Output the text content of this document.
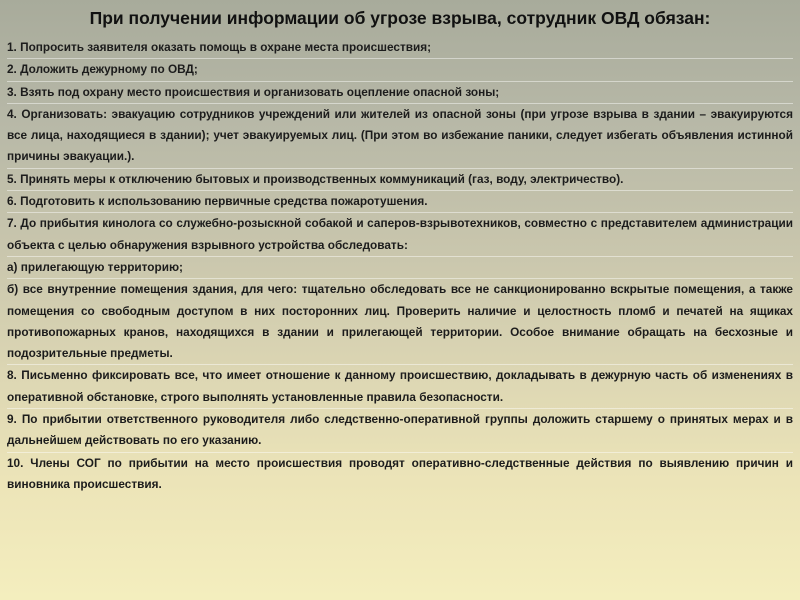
При получении информации об угрозе взрыва, сотрудник ОВД обязан:

1. Попросить заявителя оказать помощь в охране места происшествия;

2. Доложить дежурному по ОВД;

3. Взять под охрану место происшествия и организовать оцепление опасной зоны;

4. Организовать: эвакуацию сотрудников учреждений или жителей из опасной зоны (при угрозе взрыва в здании – эвакуируются все лица, находящиеся в здании); учет эвакуируемых лиц. (При этом во избежание паники, следует избегать объявления истинной причины эвакуации.).

5. Принять меры к отключению бытовых и производственных коммуникаций (газ, воду, электричество).

6. Подготовить к использованию первичные средства пожаротушения.

7. До прибытия кинолога со служебно-розыскной собакой и саперов-взрывотехников, совместно с представителем администрации объекта с целью обнаружения взрывного устройства обследовать:

а) прилегающую территорию;

б) все внутренние помещения здания, для чего: тщательно обследовать все не санкционированно вскрытые помещения, а также помещения со свободным доступом в них посторонних лиц. Проверить наличие и целостность пломб и печатей на ящиках противопожарных кранов, находящихся в здании и прилегающей территории. Особое внимание обращать на бесхозные и подозрительные предметы.

8. Письменно фиксировать все, что имеет отношение к данному происшествию, докладывать в дежурную часть об изменениях в оперативной обстановке, строго выполнять установленные правила безопасности.

9. По прибытии ответственного руководителя либо следственно-оперативной группы доложить старшему о принятых мерах и в дальнейшем действовать по его указанию.

10. Члены СОГ по прибытии на место происшествия проводят оперативно-следственные действия по выявлению причин и виновника происшествия.
